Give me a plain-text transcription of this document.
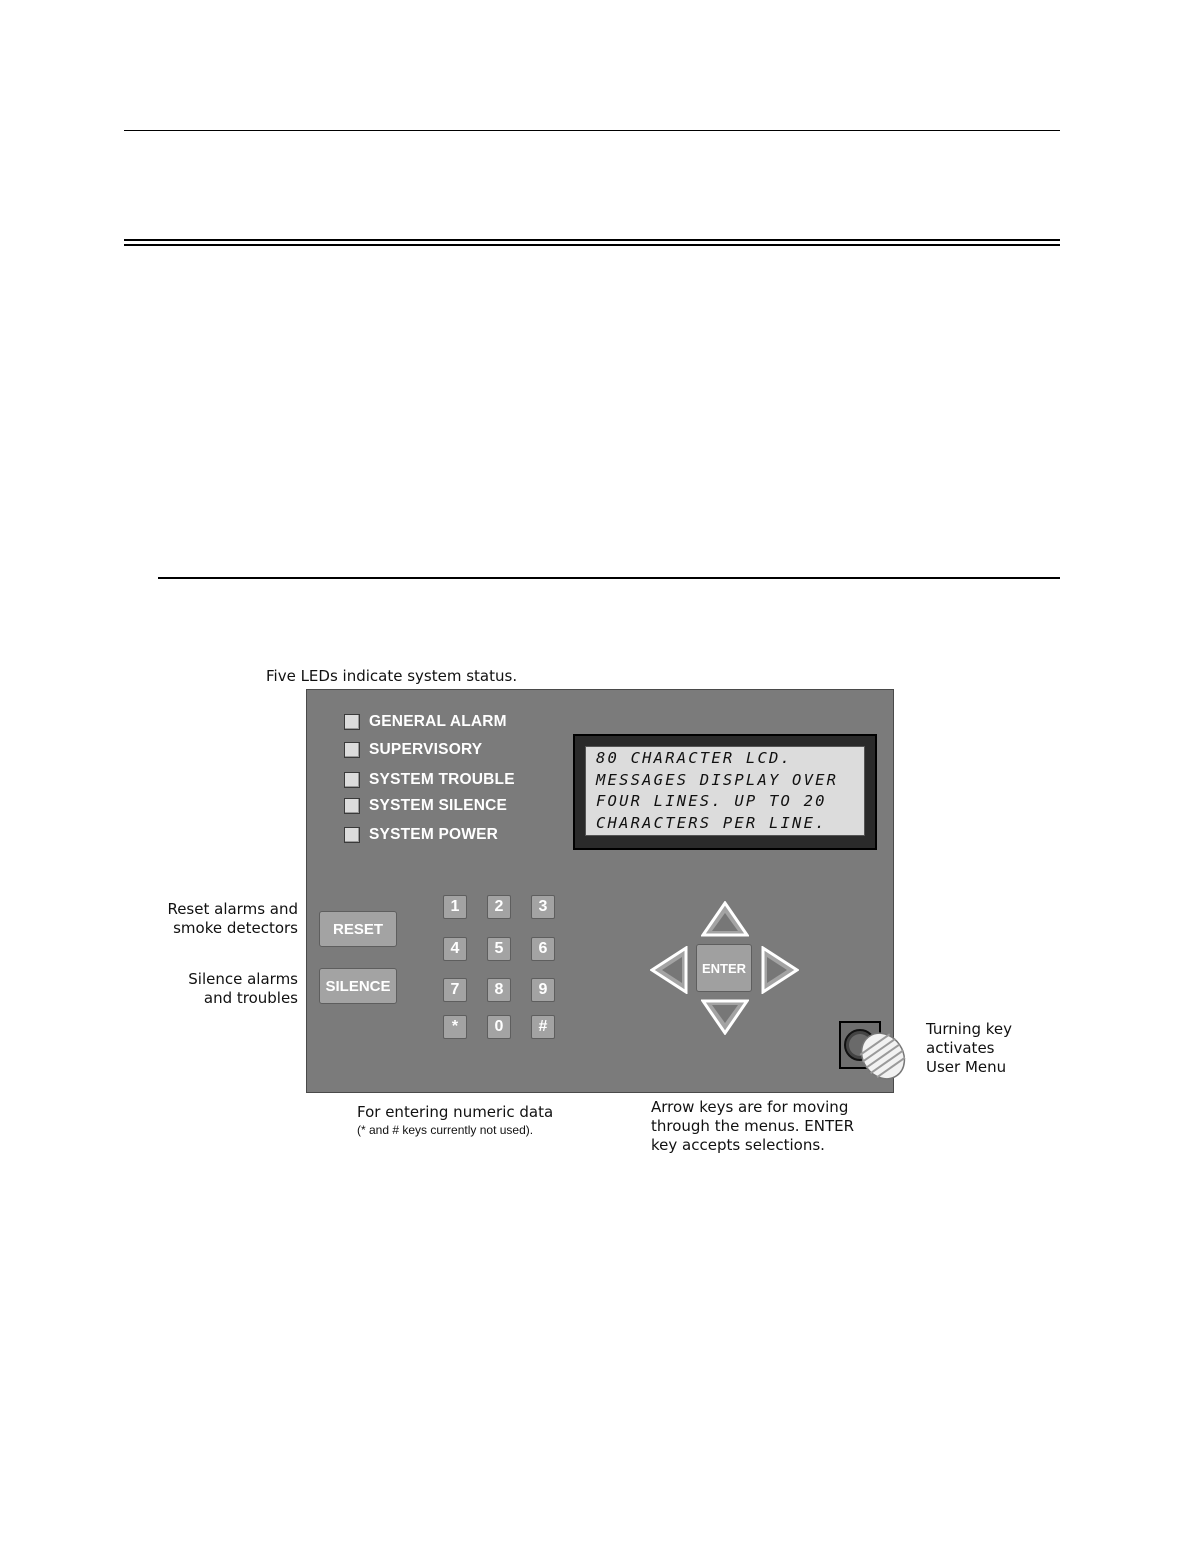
Five LEDs indicate system status.
Reset alarms and
smoke detectors
Silence alarms
and troubles
For entering numeric data
(* and # keys currently not used).
Arrow keys are for moving
through the menus. ENTER
key accepts selections.
Turning key
activates
User Menu
GENERAL ALARM
SUPERVISORY
SYSTEM TROUBLE
SYSTEM SILENCE
SYSTEM POWER
80 CHARACTER LCD.
MESSAGES DISPLAY OVER
FOUR LINES. UP TO 20
CHARACTERS PER LINE.
RESET
SILENCE
1	2	3
4	5	6
7	8	9
*	0	#
ENTER
